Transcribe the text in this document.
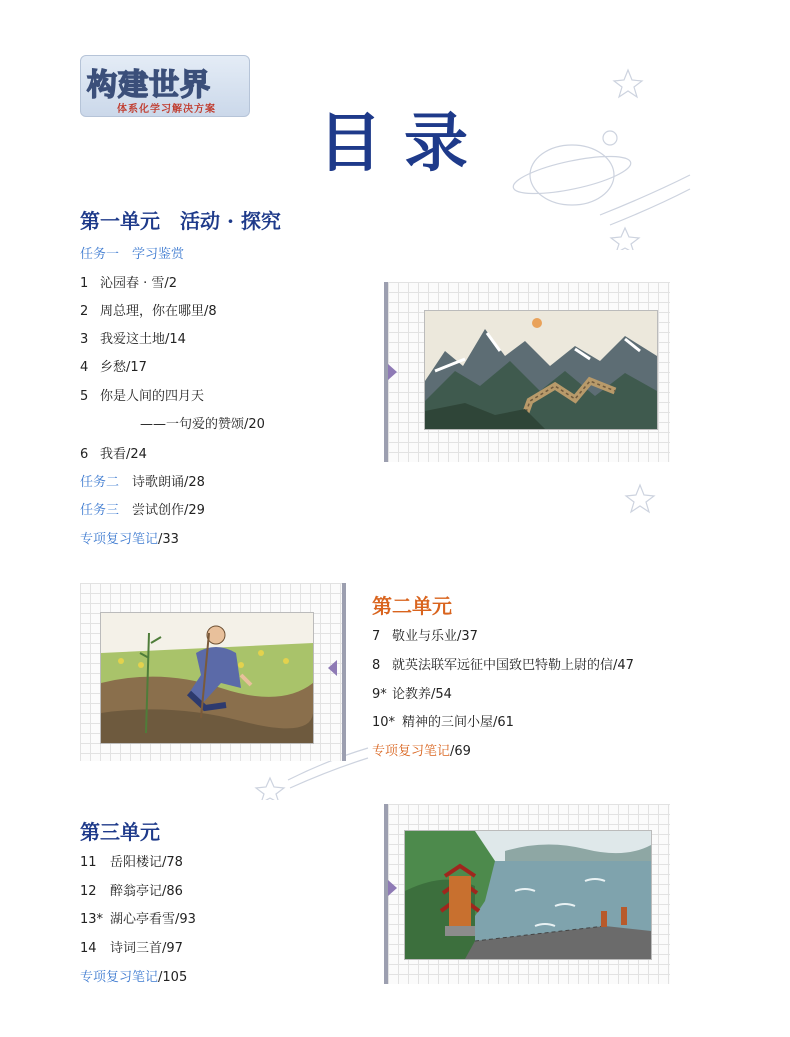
构建世界
体系化学习解决方案 目录
第一单元　活动 · 探究
任务一　学习鉴赏
1 沁园春 · 雪/2
2 周总理，你在哪里/8
3 我爱这土地/14
4 乡愁/17
5 你是人间的四月天
——一句爱的赞颂/20
6 我看/24
任务二　诗歌朗诵/28
任务三　尝试创作/29
专项复习笔记/33
第二单元
7 敬业与乐业/37
8 就英法联军远征中国致巴特勒上尉的信/47
9* 论教养/54
10* 精神的三间小屋/61
专项复习笔记/69
第三单元
11 岳阳楼记/78
12 醉翁亭记/86
13* 湖心亭看雪/93
14 诗词三首/97
专项复习笔记/105
